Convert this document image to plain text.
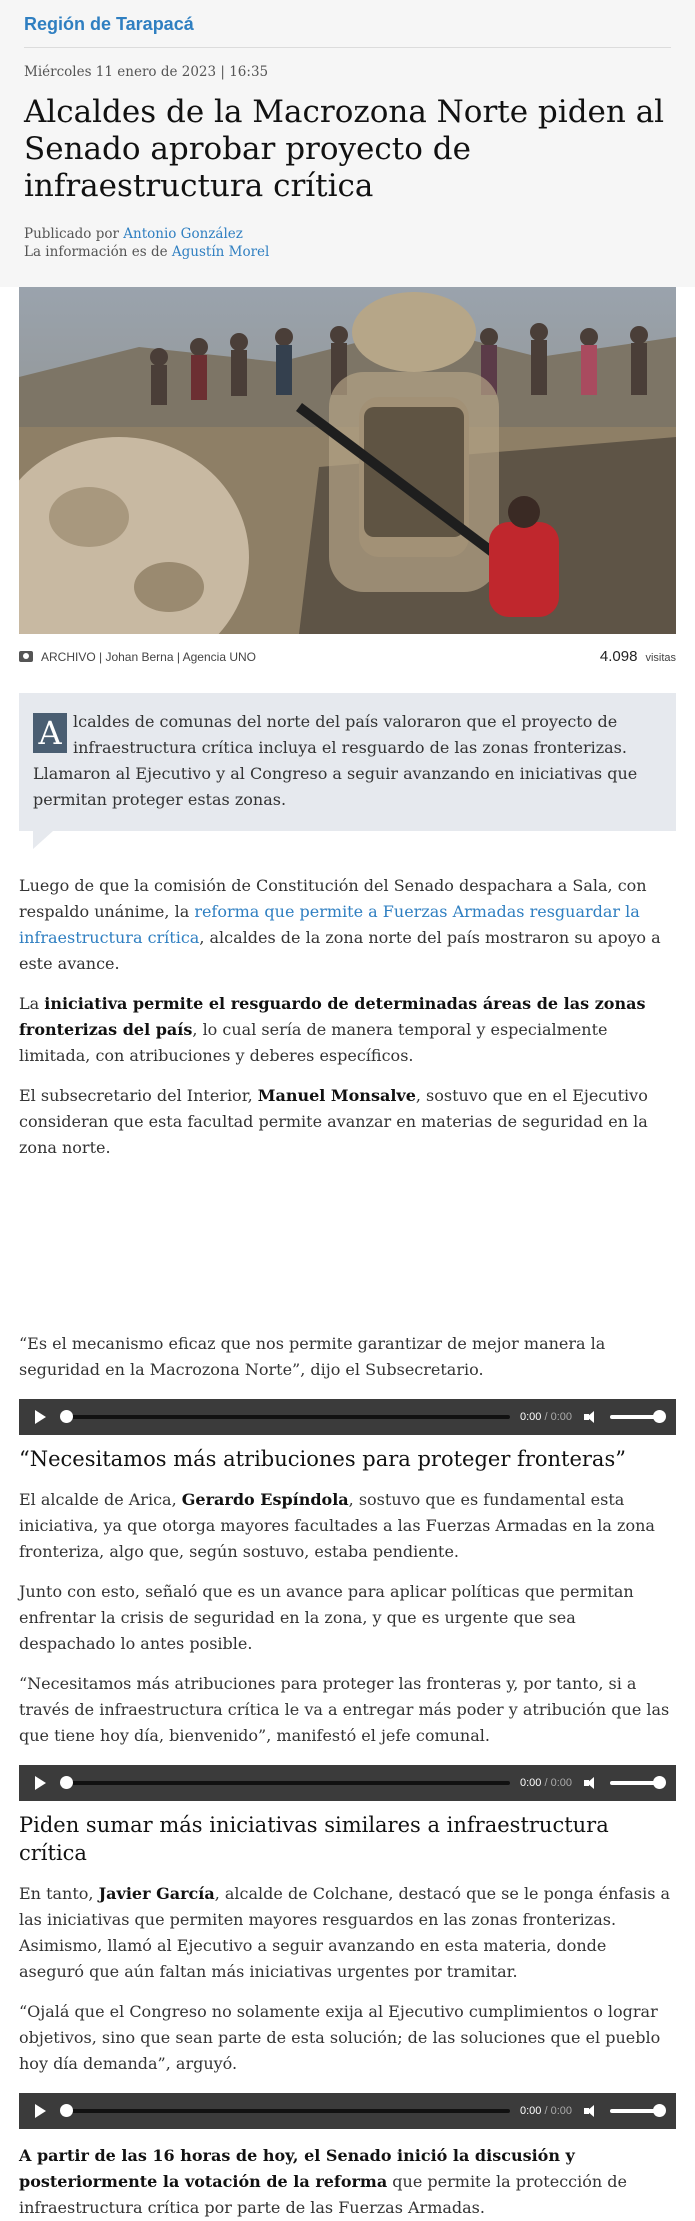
Región de Tarapacá
Miércoles 11 enero de 2023 | 16:35
Alcaldes de la Macrozona Norte piden al Senado aprobar proyecto de infraestructura crítica
Publicado por Antonio González
La información es de Agustín Morel
ARCHIVO | Johan Berna | Agencia UNO	4.098 visitas
A lcaldes de comunas del norte del país valoraron que el proyecto de infraestructura crítica incluya el resguardo de las zonas fronterizas. Llamaron al Ejecutivo y al Congreso a seguir avanzando en iniciativas que permitan proteger estas zonas.

Luego de que la comisión de Constitución del Senado despachara a Sala, con respaldo unánime, la reforma que permite a Fuerzas Armadas resguardar la infraestructura crítica, alcaldes de la zona norte del país mostraron su apoyo a este avance.

La iniciativa permite el resguardo de determinadas áreas de las zonas fronterizas del país, lo cual sería de manera temporal y especialmente limitada, con atribuciones y deberes específicos.

El subsecretario del Interior, Manuel Monsalve, sostuvo que en el Ejecutivo consideran que esta facultad permite avanzar en materias de seguridad en la zona norte.

“Es el mecanismo eficaz que nos permite garantizar de mejor manera la seguridad en la Macrozona Norte”, dijo el Subsecretario.

0:00 / 0:00
“Necesitamos más atribuciones para proteger fronteras”

El alcalde de Arica, Gerardo Espíndola, sostuvo que es fundamental esta iniciativa, ya que otorga mayores facultades a las Fuerzas Armadas en la zona fronteriza, algo que, según sostuvo, estaba pendiente.

Junto con esto, señaló que es un avance para aplicar políticas que permitan enfrentar la crisis de seguridad en la zona, y que es urgente que sea despachado lo antes posible.

“Necesitamos más atribuciones para proteger las fronteras y, por tanto, si a través de infraestructura crítica le va a entregar más poder y atribución que las que tiene hoy día, bienvenido”, manifestó el jefe comunal.

0:00 / 0:00
Piden sumar más iniciativas similares a infraestructura crítica

En tanto, Javier García, alcalde de Colchane, destacó que se le ponga énfasis a las iniciativas que permiten mayores resguardos en las zonas fronterizas. Asimismo, llamó al Ejecutivo a seguir avanzando en esta materia, donde aseguró que aún faltan más iniciativas urgentes por tramitar.

“Ojalá que el Congreso no solamente exija al Ejecutivo cumplimientos o lograr objetivos, sino que sean parte de esta solución; de las soluciones que el pueblo hoy día demanda”, arguyó.

0:00 / 0:00

A partir de las 16 horas de hoy, el Senado inició la discusión y posteriormente la votación de la reforma que permite la protección de infraestructura crítica por parte de las Fuerzas Armadas.
